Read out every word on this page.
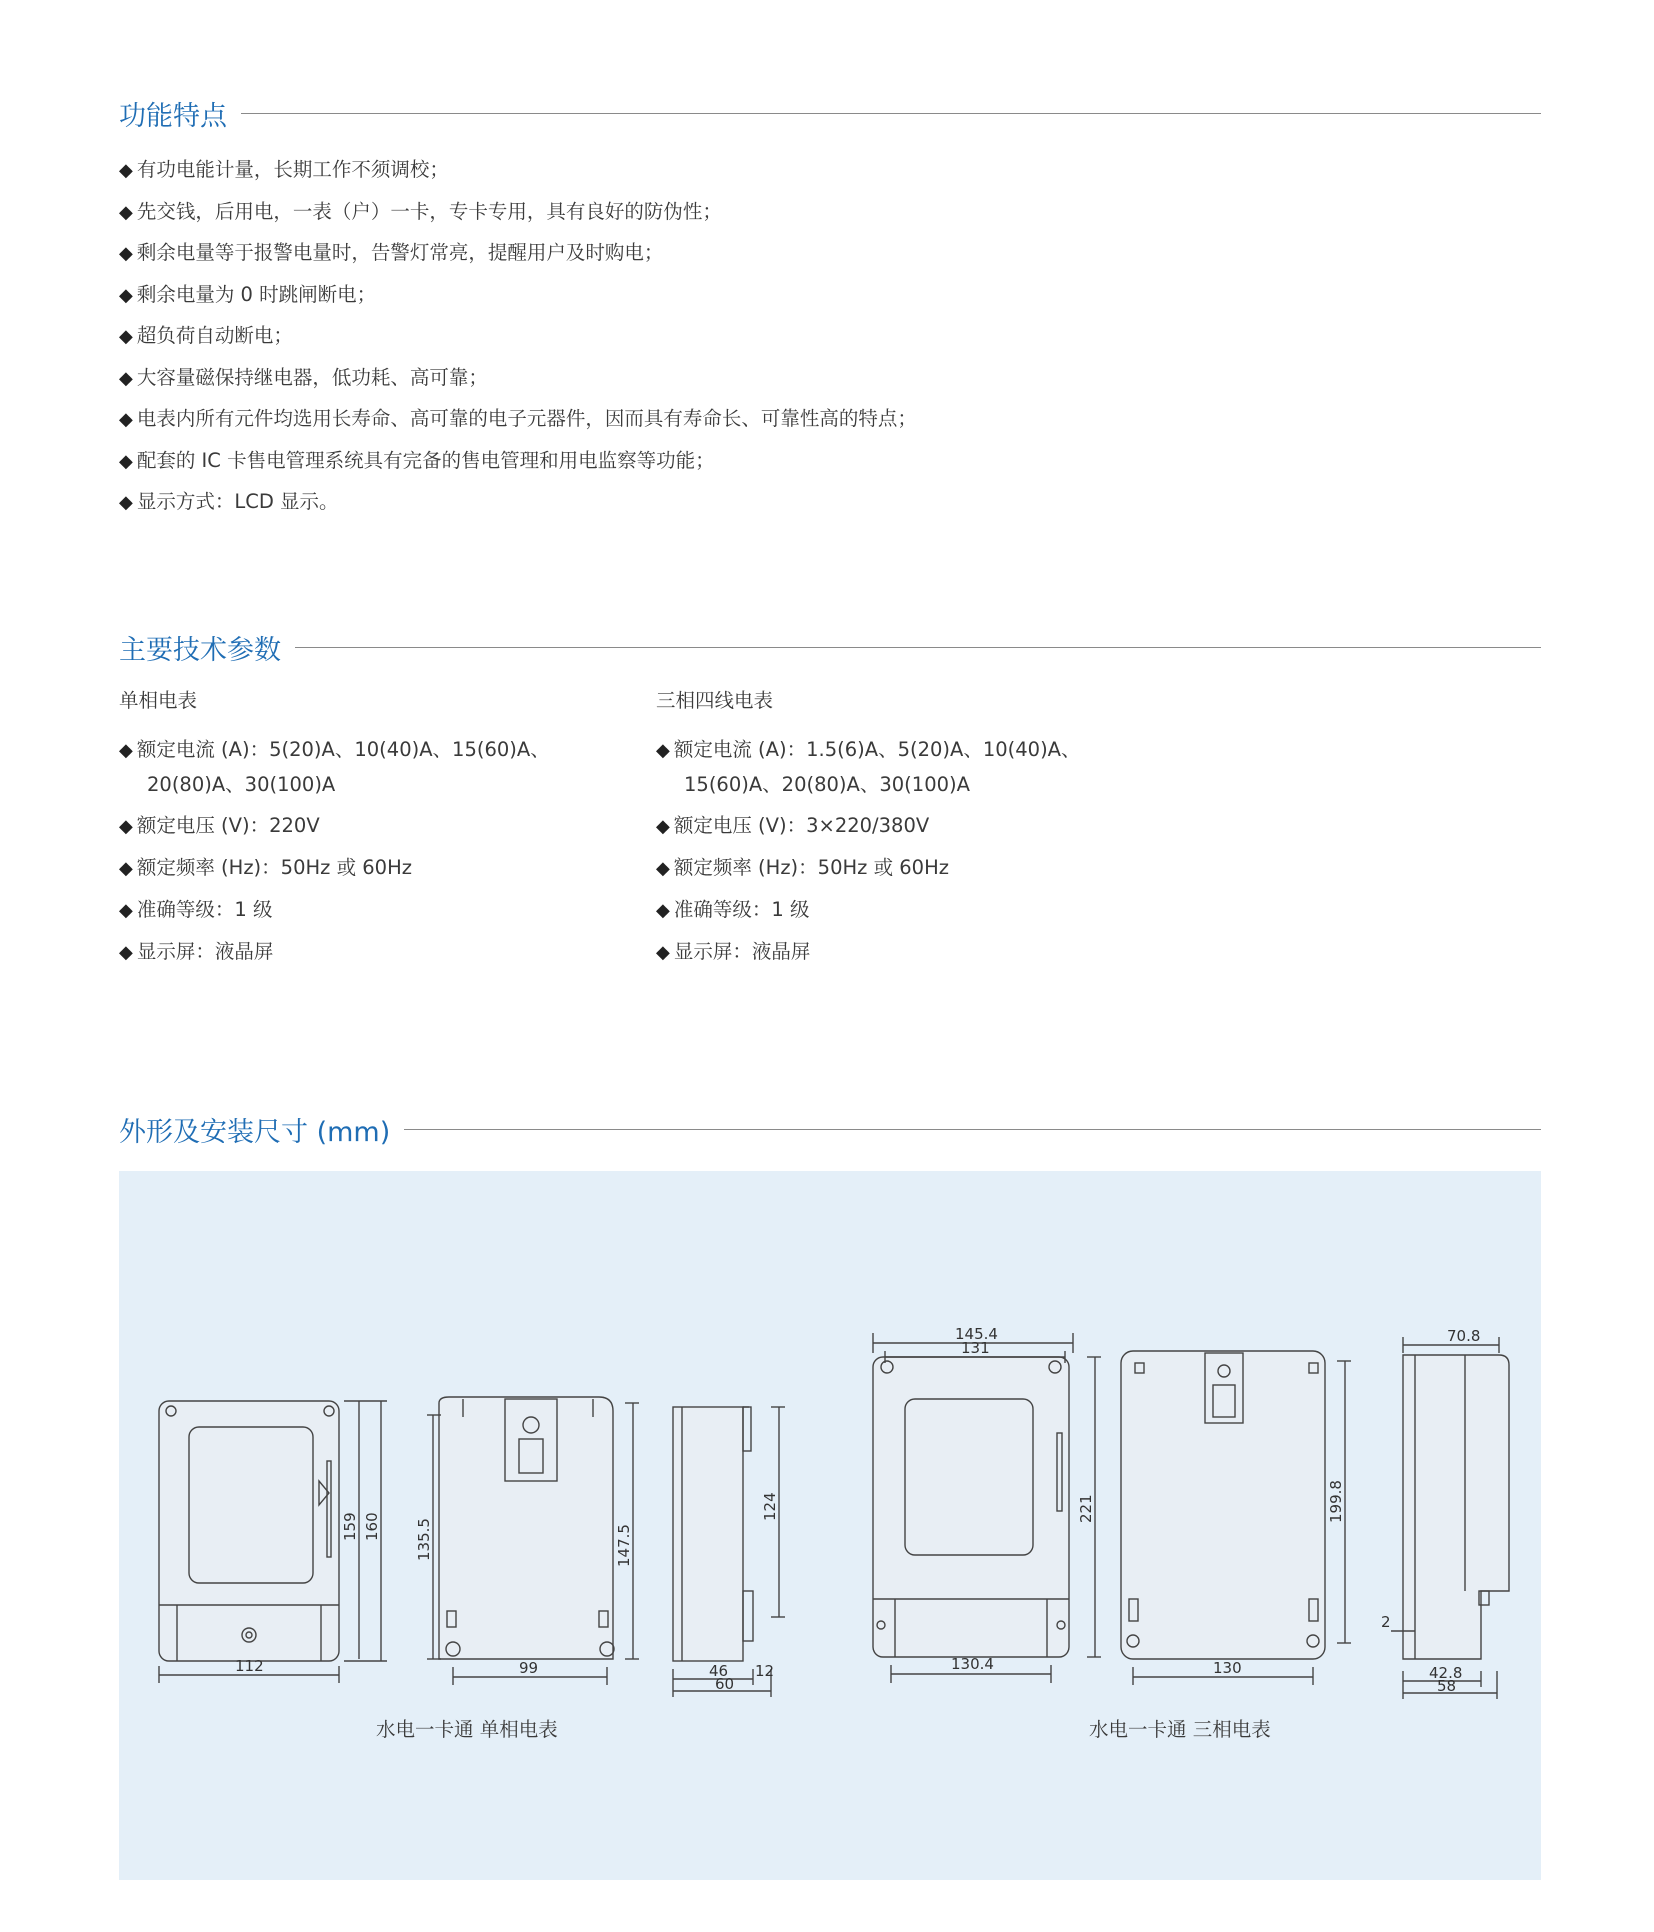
功能特点
◆ 有功电能计量，长期工作不须调校；
◆ 先交钱，后用电，一表（户）一卡，专卡专用，具有良好的防伪性；
◆ 剩余电量等于报警电量时，告警灯常亮，提醒用户及时购电；
◆ 剩余电量为 0 时跳闸断电；
◆ 超负荷自动断电；
◆ 大容量磁保持继电器，低功耗、高可靠；
◆ 电表内所有元件均选用长寿命、高可靠的电子元器件，因而具有寿命长、可靠性高的特点；
◆ 配套的 IC 卡售电管理系统具有完备的售电管理和用电监察等功能；
◆ 显示方式：LCD 显示。
主要技术参数
单相电表
◆ 额定电流 (A)：5(20)A、10(40)A、15(60)A、
20(80)A、30(100)A
◆ 额定电压 (V)：220V
◆ 额定频率 (Hz)：50Hz 或 60Hz
◆ 准确等级：1 级
◆ 显示屏：液晶屏
三相四线电表
◆ 额定电流 (A)：1.5(6)A、5(20)A、10(40)A、
15(60)A、20(80)A、30(100)A
◆ 额定电压 (V)：3×220/380V
◆ 额定频率 (Hz)：50Hz 或 60Hz
◆ 准确等级：1 级
◆ 显示屏：液晶屏
外形及安装尺寸 (mm)
112
159 160
99
135.5	147.5
124
46 12
60
145.4
131
221
130.4	130
199.8
70.8
2
42.8
58
水电一卡通 单相电表	水电一卡通 三相电表
